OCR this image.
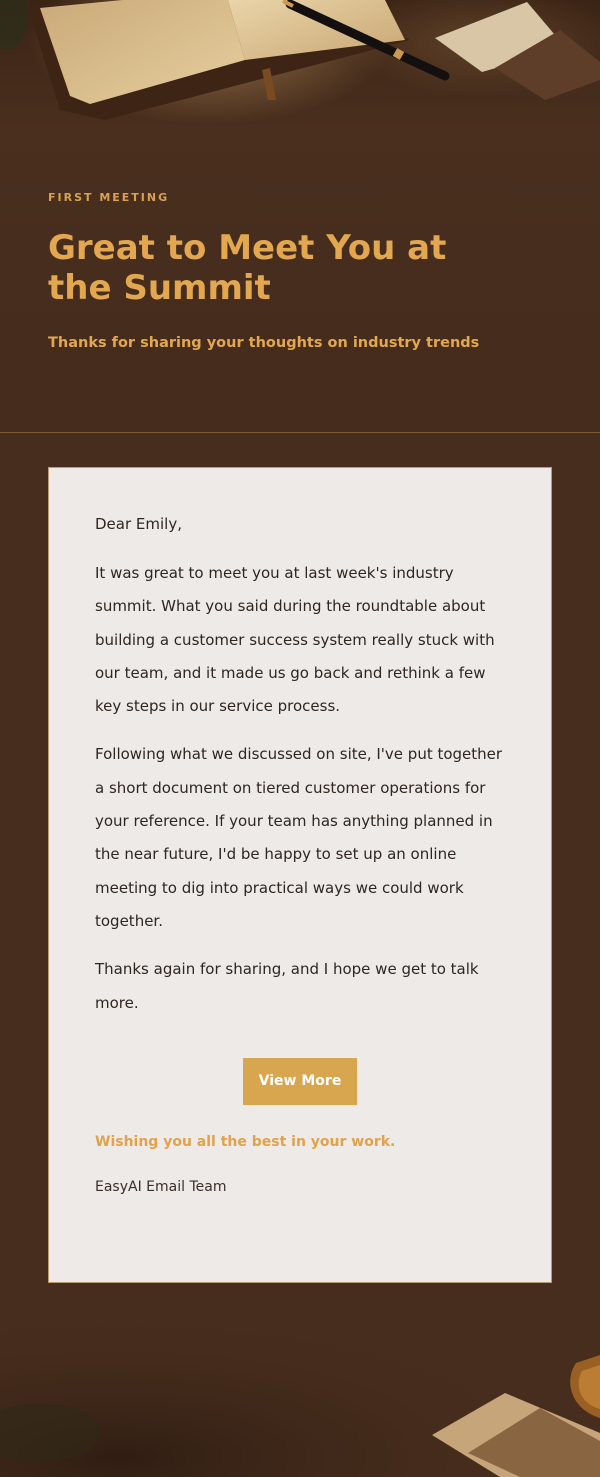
FIRST MEETING
Great to Meet You at the Summit
Thanks for sharing your thoughts on industry trends

Dear Emily,

It was great to meet you at last week's industry summit. What you said during the roundtable about building a customer success system really stuck with our team, and it made us go back and rethink a few key steps in our service process.

Following what we discussed on site, I've put together a short document on tiered customer operations for your reference. If your team has anything planned in the near future, I'd be happy to set up an online meeting to dig into practical ways we could work together.

Thanks again for sharing, and I hope we get to talk more.

View More

Wishing you all the best in your work.

EasyAI Email Team
